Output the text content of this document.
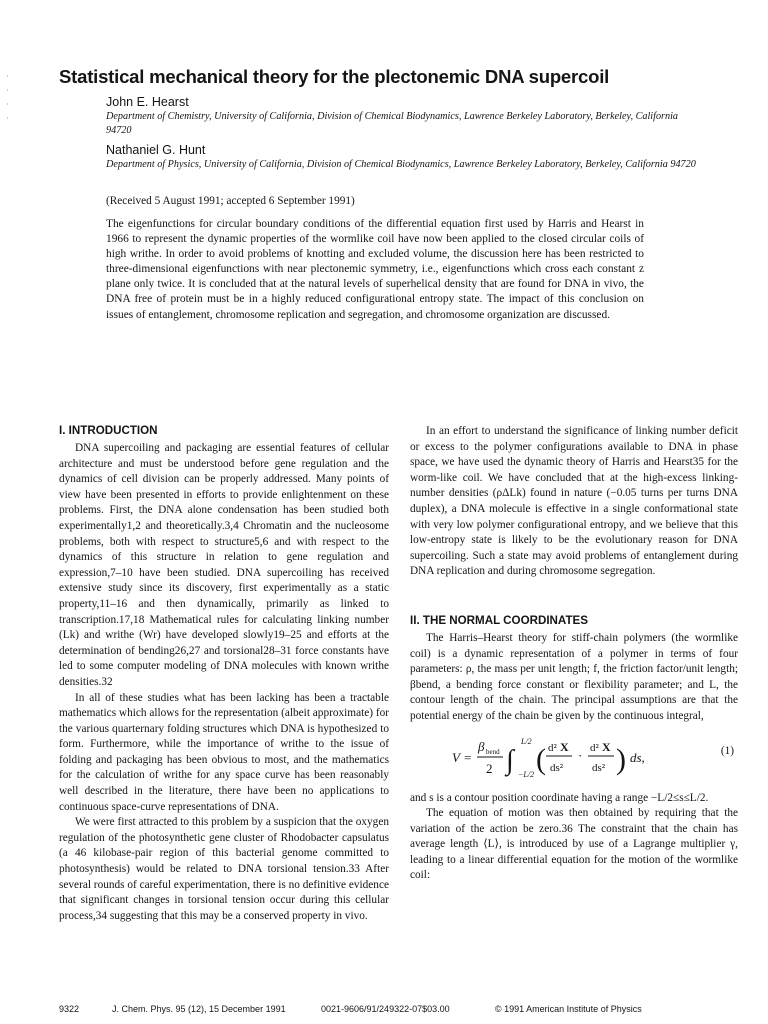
·
·
·
·
Statistical mechanical theory for the plectonemic DNA supercoil
John E. Hearst
Department of Chemistry, University of California, Division of Chemical Biodynamics, Lawrence Berkeley Laboratory, Berkeley, California 94720
Nathaniel G. Hunt
Department of Physics, University of California, Division of Chemical Biodynamics, Lawrence Berkeley Laboratory, Berkeley, California 94720
(Received 5 August 1991; accepted 6 September 1991)

The eigenfunctions for circular boundary conditions of the differential equation first used by Harris and Hearst in 1966 to represent the dynamic properties of the wormlike coil have now been applied to the closed circular coils of high writhe. In order to avoid problems of knotting and excluded volume, the discussion here has been restricted to three-dimensional eigenfunctions with near plectonemic symmetry, i.e., eigenfunctions which cross each constant z plane only twice. It is concluded that at the natural levels of superhelical density that are found for DNA in vivo, the DNA free of protein must be in a highly reduced configurational entropy state. The impact of this conclusion on issues of entanglement, chromosome replication and segregation, and chromosome organization are discussed.

I. INTRODUCTION

DNA supercoiling and packaging are essential features of cellular architecture and must be understood before gene regulation and the dynamics of cell division can be properly addressed. Many points of view have been presented in efforts to provide enlightenment on these problems. First, the DNA alone condensation has been studied both experimentally1,2 and theoretically.3,4 Chromatin and the nucleosome problems, both with respect to structure5,6 and with respect to the dynamics of this structure in relation to gene regulation and expression,7–10 have been studied. DNA supercoiling has received extensive study since its discovery, first experimentally as a static property,11–16 and then dynamically, primarily as linked to transcription.17,18 Mathematical rules for calculating linking number (Lk) and writhe (Wr) have developed slowly19–25 and efforts at the determination of bending26,27 and torsional28–31 force constants have led to some computer modeling of DNA molecules with known writhe densities.32

In all of these studies what has been lacking has been a tractable mathematics which allows for the representation (albeit approximate) for the various quarternary folding structures which DNA is hypothesized to form. Furthermore, while the importance of writhe to the issue of folding and packaging has been obvious to most, and the mathematics for the calculation of writhe for any space curve has been reasonably well described in the literature, there have been no applications to continuous space-curve representations of DNA.

We were first attracted to this problem by a suspicion that the oxygen regulation of the photosynthetic gene cluster of Rhodobacter capsulatus (a 46 kilobase-pair region of this bacterial genome committed to photosynthesis) would be related to DNA torsional tension.33 After several rounds of careful experimentation, there is no definitive evidence that significant changes in torsional tension occur during this cellular process,34 suggesting that this may be a conserved property in vivo.

In an effort to understand the significance of linking number deficit or excess to the polymer configurations available to DNA in phase space, we have used the dynamic theory of Harris and Hearst35 for the worm-like coil. We have concluded that at the high-excess linking-number densities (ρΔLk) found in nature (−0.05 turns per turns DNA duplex), a DNA molecule is effective in a single conformational state with very low polymer configurational entropy, and we believe that this low-entropy state is likely to be the evolutionary reason for DNA supercoiling. Such a state may avoid problems of entanglement during DNA replication and during chromosome segregation.

II. THE NORMAL COORDINATES

The Harris–Hearst theory for stiff-chain polymers (the wormlike coil) is a dynamic representation of a polymer in terms of four parameters: ρ, the mass per unit length; f, the friction factor/unit length; βbend, a bending force constant or flexibility parameter; and L, the contour length of the chain. The principal assumptions are that the potential energy of the chain be given by the continuous integral,

V =
β bend
2 ∫
L/2
−L/2 ( d² X
ds²
· d² X
ds² ) ds,	(1)

and s is a contour position coordinate having a range −L/2≤s≤L/2.

The equation of motion was then obtained by requiring that the variation of the action be zero.36 The constraint that the chain has average length ⟨L⟩, is introduced by use of a Lagrange multiplier γ, leading to a linear differential equation for the motion of the wormlike coil:

9322	J. Chem. Phys. 95 (12), 15 December 1991	0021-9606/91/249322-07$03.00	© 1991 American Institute of Physics
